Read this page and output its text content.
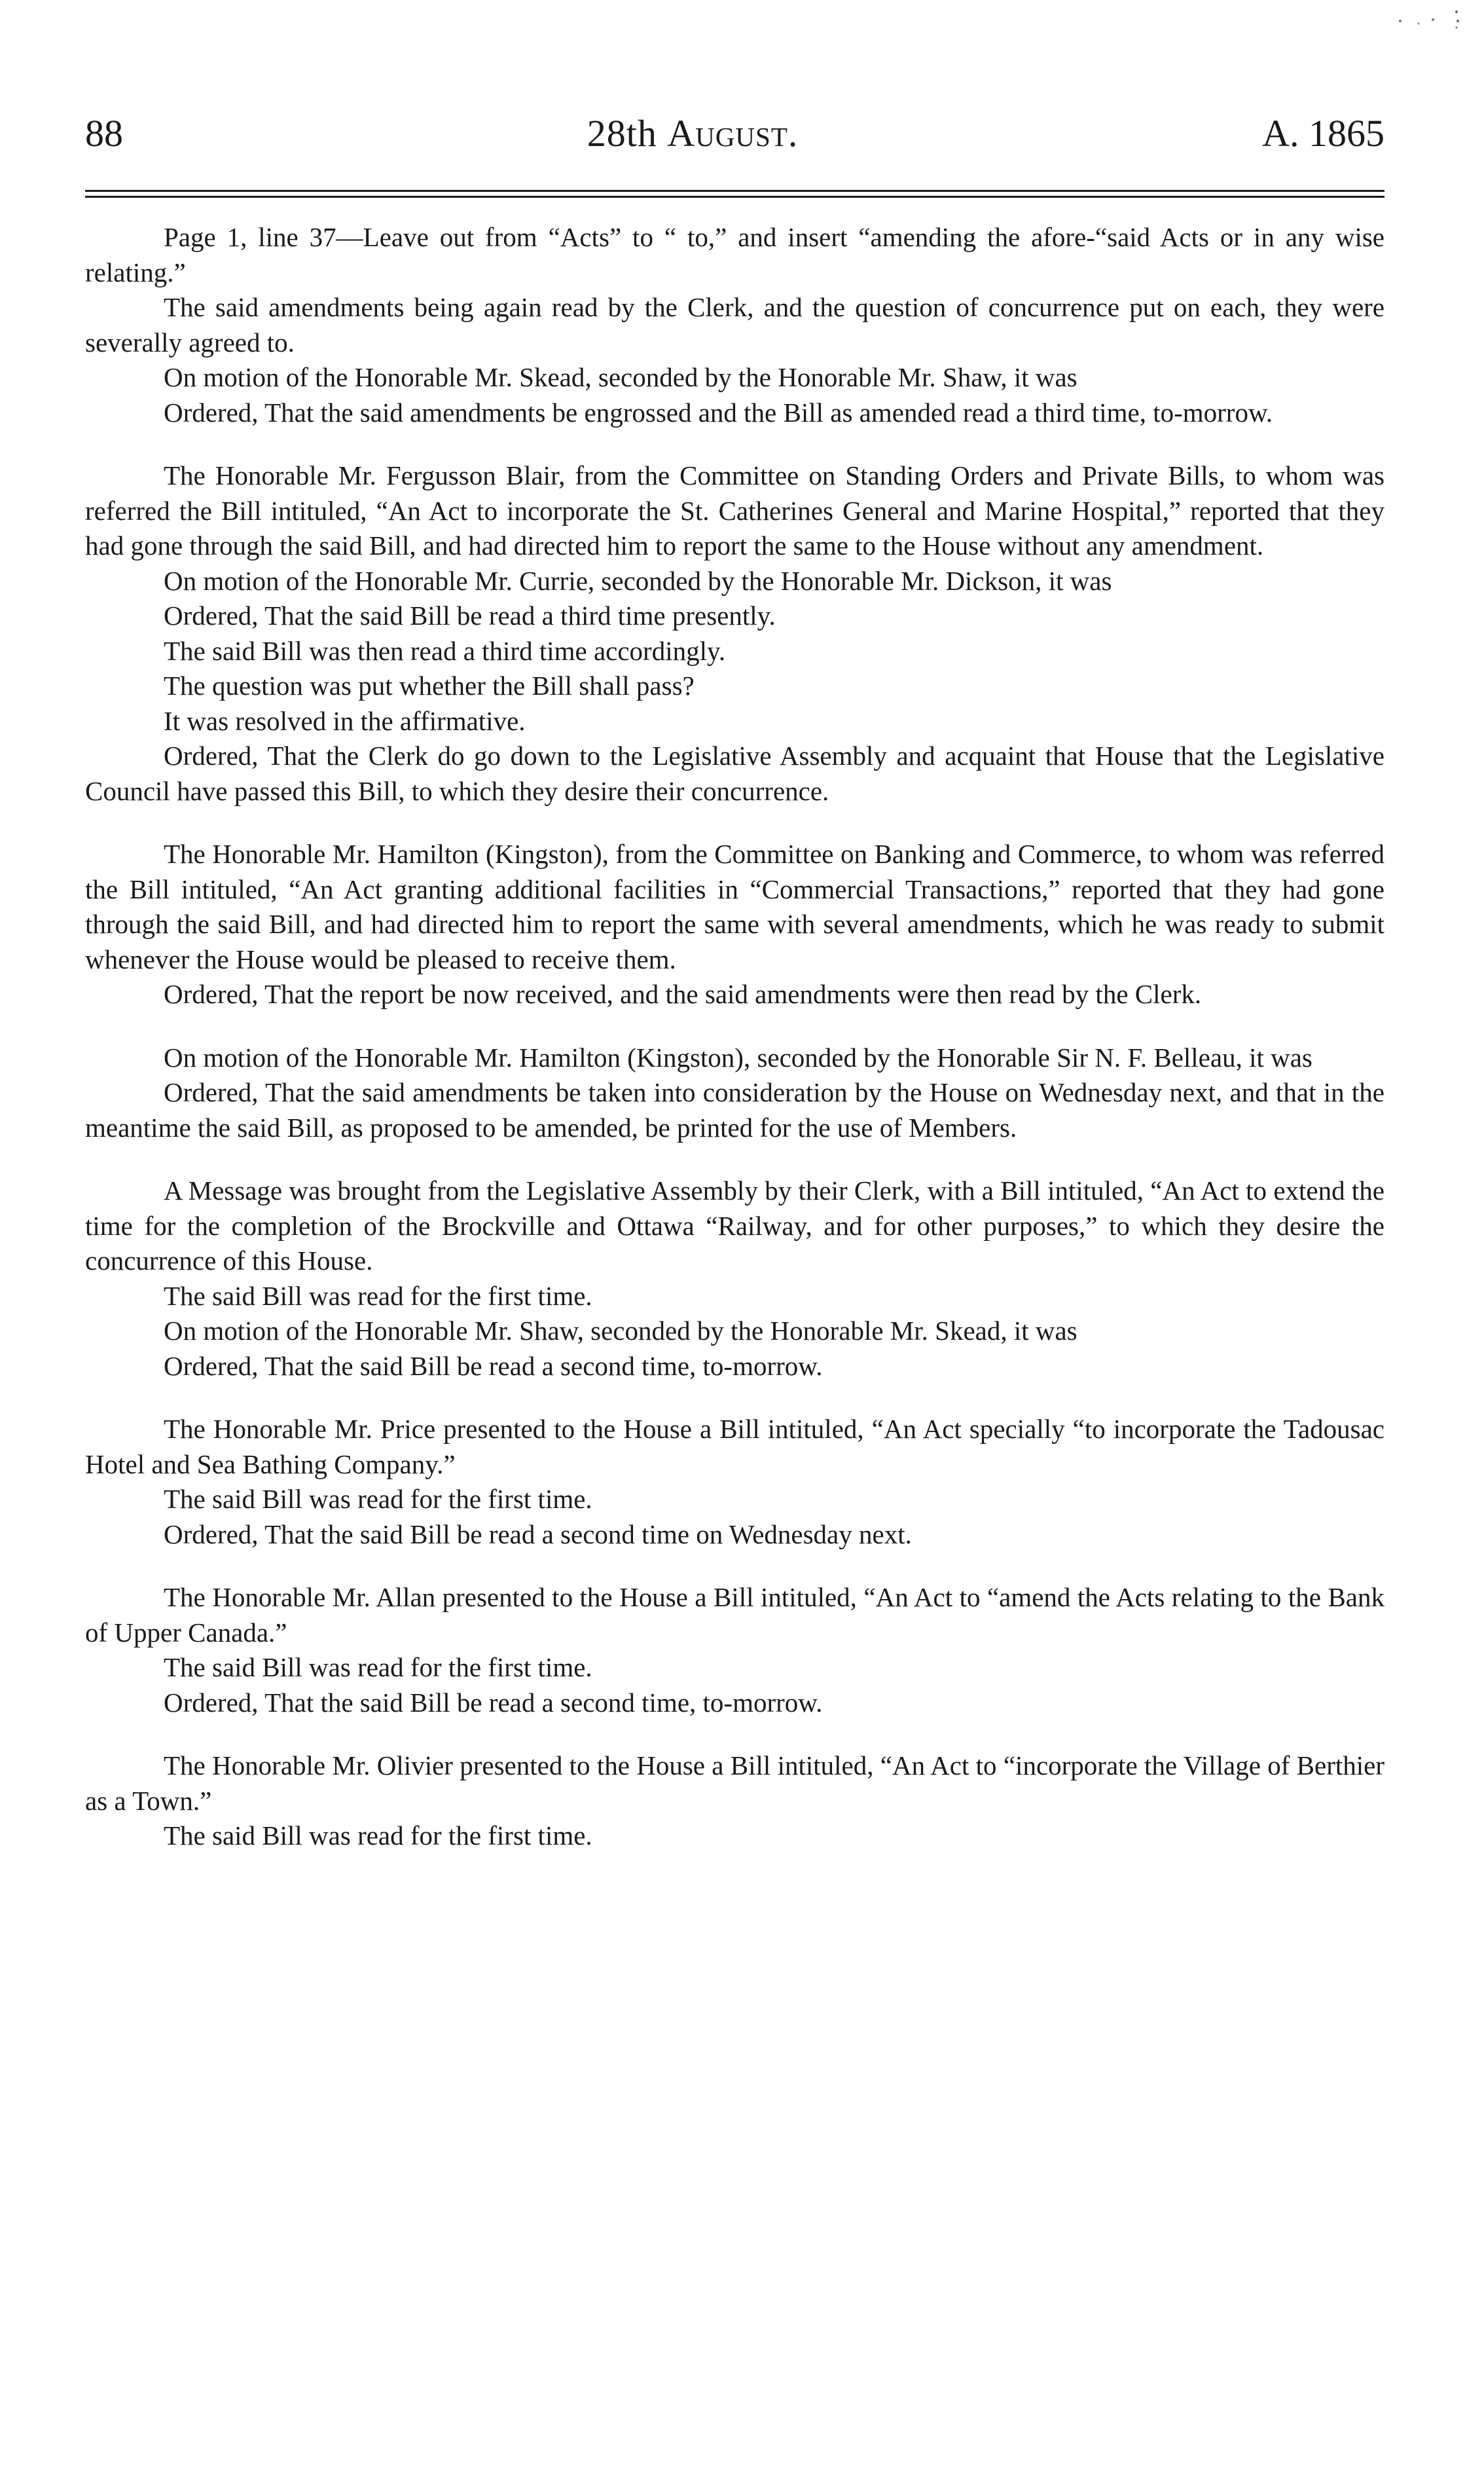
88	28th August.	A. 1865

Page 1, line 37—Leave out from “Acts” to “ to,” and insert “amending the afore-“said Acts or in any wise relating.”

The said amendments being again read by the Clerk, and the question of concurrence put on each, they were severally agreed to.

On motion of the Honorable Mr. Skead, seconded by the Honorable Mr. Shaw, it was

Ordered, That the said amendments be engrossed and the Bill as amended read a third time, to-morrow.

The Honorable Mr. Fergusson Blair, from the Committee on Standing Orders and Private Bills, to whom was referred the Bill intituled, “An Act to incorporate the St. Catherines General and Marine Hospital,” reported that they had gone through the said Bill, and had directed him to report the same to the House without any amendment.

On motion of the Honorable Mr. Currie, seconded by the Honorable Mr. Dickson, it was

Ordered, That the said Bill be read a third time presently.

The said Bill was then read a third time accordingly.

The question was put whether the Bill shall pass?

It was resolved in the affirmative.

Ordered, That the Clerk do go down to the Legislative Assembly and acquaint that House that the Legislative Council have passed this Bill, to which they desire their concurrence.

The Honorable Mr. Hamilton (Kingston), from the Committee on Banking and Commerce, to whom was referred the Bill intituled, “An Act granting additional facilities in “Commercial Transactions,” reported that they had gone through the said Bill, and had directed him to report the same with several amendments, which he was ready to submit whenever the House would be pleased to receive them.

Ordered, That the report be now received, and the said amendments were then read by the Clerk.

On motion of the Honorable Mr. Hamilton (Kingston), seconded by the Honorable Sir N. F. Belleau, it was

Ordered, That the said amendments be taken into consideration by the House on Wednesday next, and that in the meantime the said Bill, as proposed to be amended, be printed for the use of Members.

A Message was brought from the Legislative Assembly by their Clerk, with a Bill intituled, “An Act to extend the time for the completion of the Brockville and Ottawa “Railway, and for other purposes,” to which they desire the concurrence of this House.

The said Bill was read for the first time.

On motion of the Honorable Mr. Shaw, seconded by the Honorable Mr. Skead, it was

Ordered, That the said Bill be read a second time, to-morrow.

The Honorable Mr. Price presented to the House a Bill intituled, “An Act specially “to incorporate the Tadousac Hotel and Sea Bathing Company.”

The said Bill was read for the first time.

Ordered, That the said Bill be read a second time on Wednesday next.

The Honorable Mr. Allan presented to the House a Bill intituled, “An Act to “amend the Acts relating to the Bank of Upper Canada.”

The said Bill was read for the first time.

Ordered, That the said Bill be read a second time, to-morrow.

The Honorable Mr. Olivier presented to the House a Bill intituled, “An Act to “incorporate the Village of Berthier as a Town.”

The said Bill was read for the first time.
